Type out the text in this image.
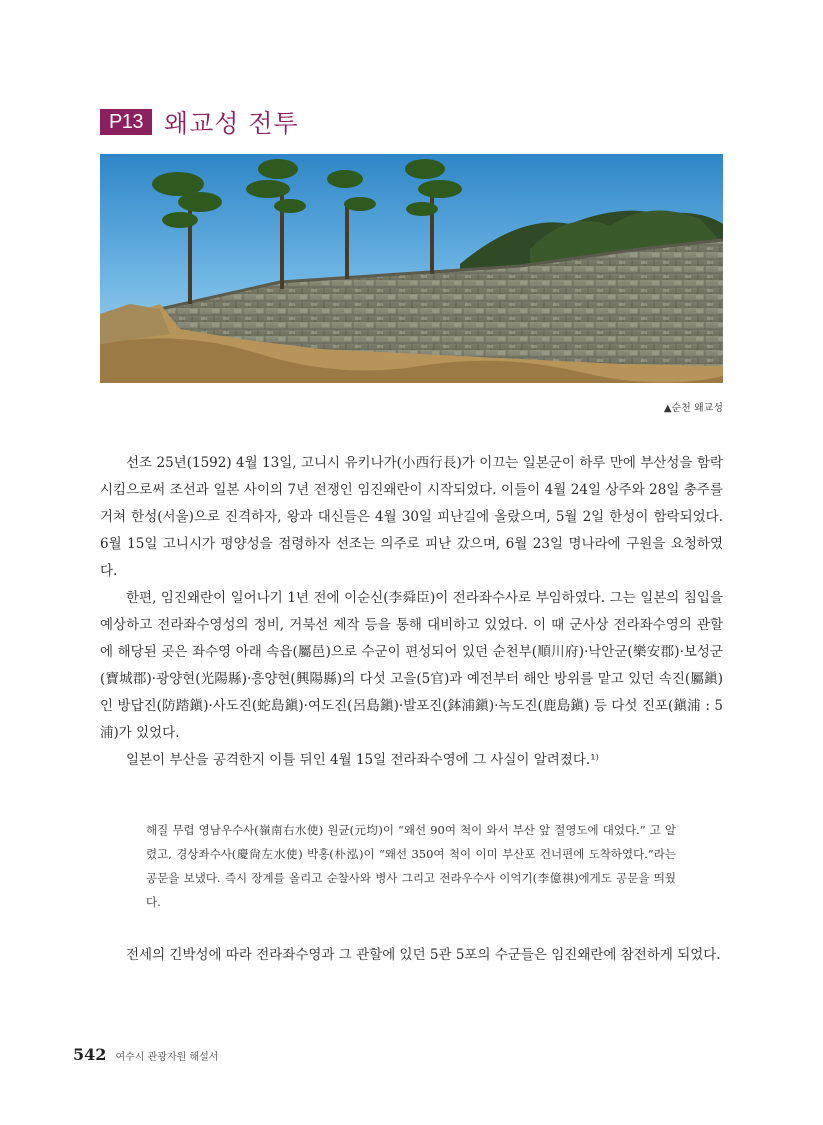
P13 왜교성 전투
▲순천 왜교성

선조 25년(1592) 4월 13일, 고니시 유키나가(小西行長)가 이끄는 일본군이 하루 만에 부산성을 함락시킴으로써 조선과 일본 사이의 7년 전쟁인 임진왜란이 시작되었다. 이들이 4월 24일 상주와 28일 충주를 거쳐 한성(서울)으로 진격하자, 왕과 대신들은 4월 30일 피난길에 올랐으며, 5월 2일 한성이 함락되었다. 6월 15일 고니시가 평양성을 점령하자 선조는 의주로 피난 갔으며, 6월 23일 명나라에 구원을 요청하였다.

한편, 임진왜란이 일어나기 1년 전에 이순신(李舜臣)이 전라좌수사로 부임하였다. 그는 일본의 침입을 예상하고 전라좌수영성의 정비, 거북선 제작 등을 통해 대비하고 있었다. 이 때 군사상 전라좌수영의 관할에 해당된 곳은 좌수영 아래 속읍(屬邑)으로 수군이 편성되어 있던 순천부(順川府)·낙안군(樂安郡)·보성군(寶城郡)·광양현(光陽縣)·흥양현(興陽縣)의 다섯 고을(5官)과 예전부터 해안 방위를 맡고 있던 속진(屬鎭)인 방답진(防踏鎭)·사도진(蛇島鎭)·여도진(呂島鎭)·발포진(鉢浦鎭)·녹도진(鹿島鎭) 등 다섯 진포(鎭浦 : 5浦)가 있었다.

일본이 부산을 공격한지 이틀 뒤인 4월 15일 전라좌수영에 그 사실이 알려졌다.¹⁾

해질 무렵 영남우수사(嶺南右水使) 원균(元均)이 “왜선 90여 척이 와서 부산 앞 절영도에 대었다.” 고 알렸고, 경상좌수사(慶尙左水使) 박홍(朴泓)이 “왜선 350여 척이 이미 부산포 건너편에 도착하였다.”라는 공문을 보냈다. 즉시 장계를 올리고 순찰사와 병사 그리고 전라우수사 이억기(李億祺)에게도 공문을 띄웠다.

전세의 긴박성에 따라 전라좌수영과 그 관할에 있던 5관 5포의 수군들은 임진왜란에 참전하게 되었다.

542 여수시 관광자원 해설서
